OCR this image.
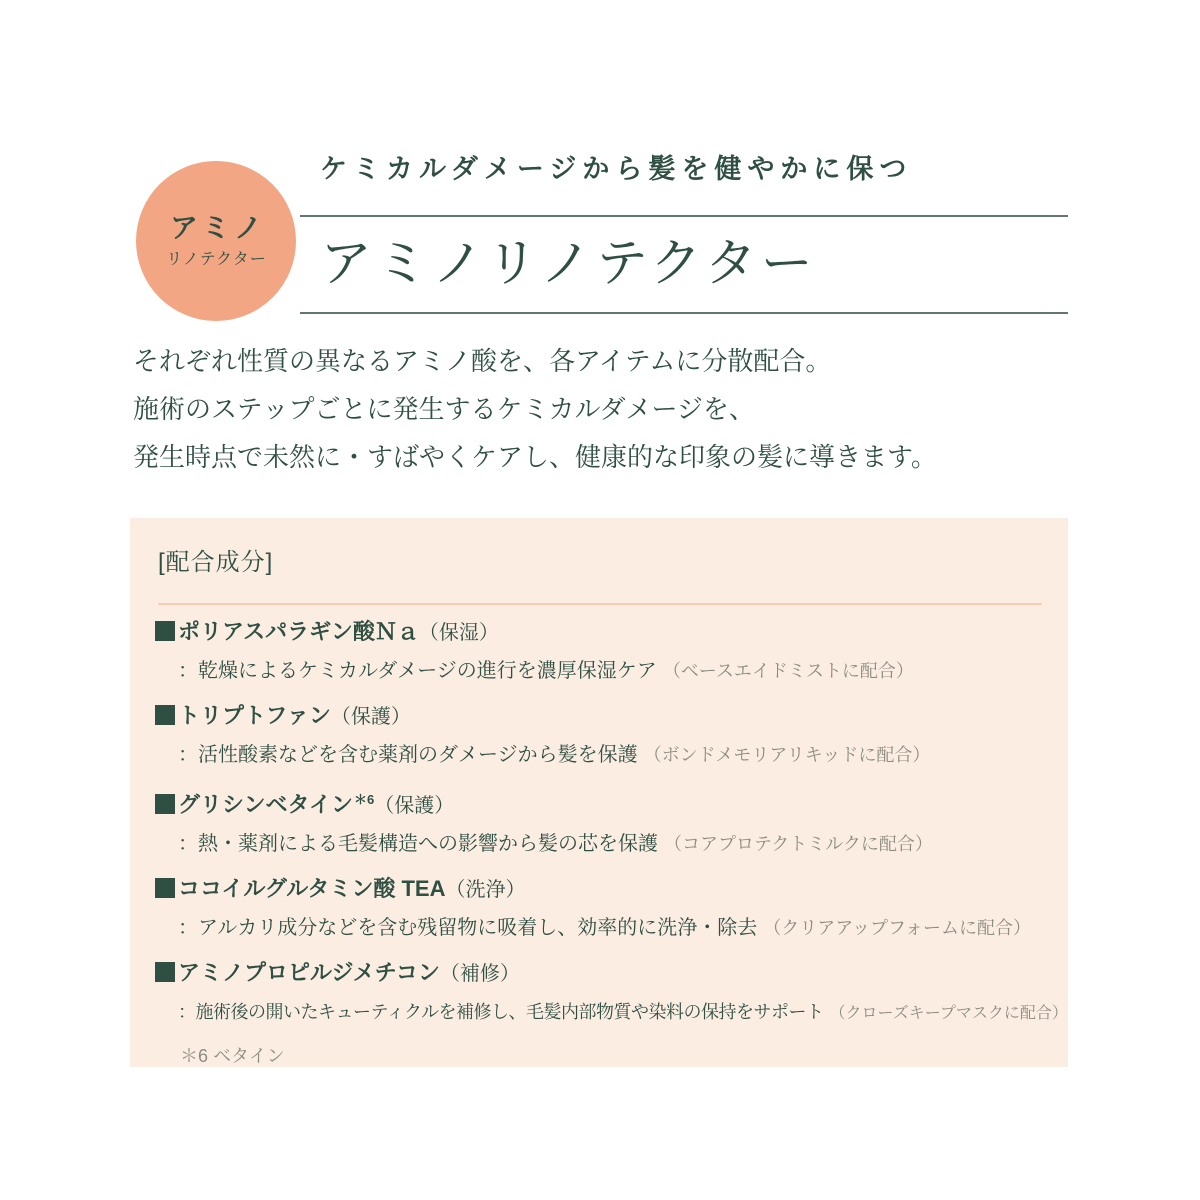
アミノ
リノテクター
ケミカルダメージから髪を健やかに保つ
アミノリノテクター
それぞれ性質の異なるアミノ酸を、各アイテムに分散配合。
施術のステップごとに発生するケミカルダメージを、
発生時点で未然に・すばやくケアし、健康的な印象の髪に導きます。
[配合成分]
ポリアスパラギン酸Ｎａ（保湿）
：乾燥によるケミカルダメージの進行を濃厚保湿ケア （ベースエイドミストに配合）
トリプトファン（保護）
：活性酸素などを含む薬剤のダメージから髪を保護 （ボンドメモリアリキッドに配合）
グリシンベタイン$^{*6}$（保護）
：熱・薬剤による毛髪構造への影響から髪の芯を保護 （コアプロテクトミルクに配合）
ココイルグルタミン酸 TEA（洗浄）
：アルカリ成分などを含む残留物に吸着し、効率的に洗浄・除去 （クリアアップフォームに配合）
アミノプロピルジメチコン（補修）
：施術後の開いたキューティクルを補修し、毛髪内部物質や染料の保持をサポート （クローズキープマスクに配合）
＊6 ベタイン
